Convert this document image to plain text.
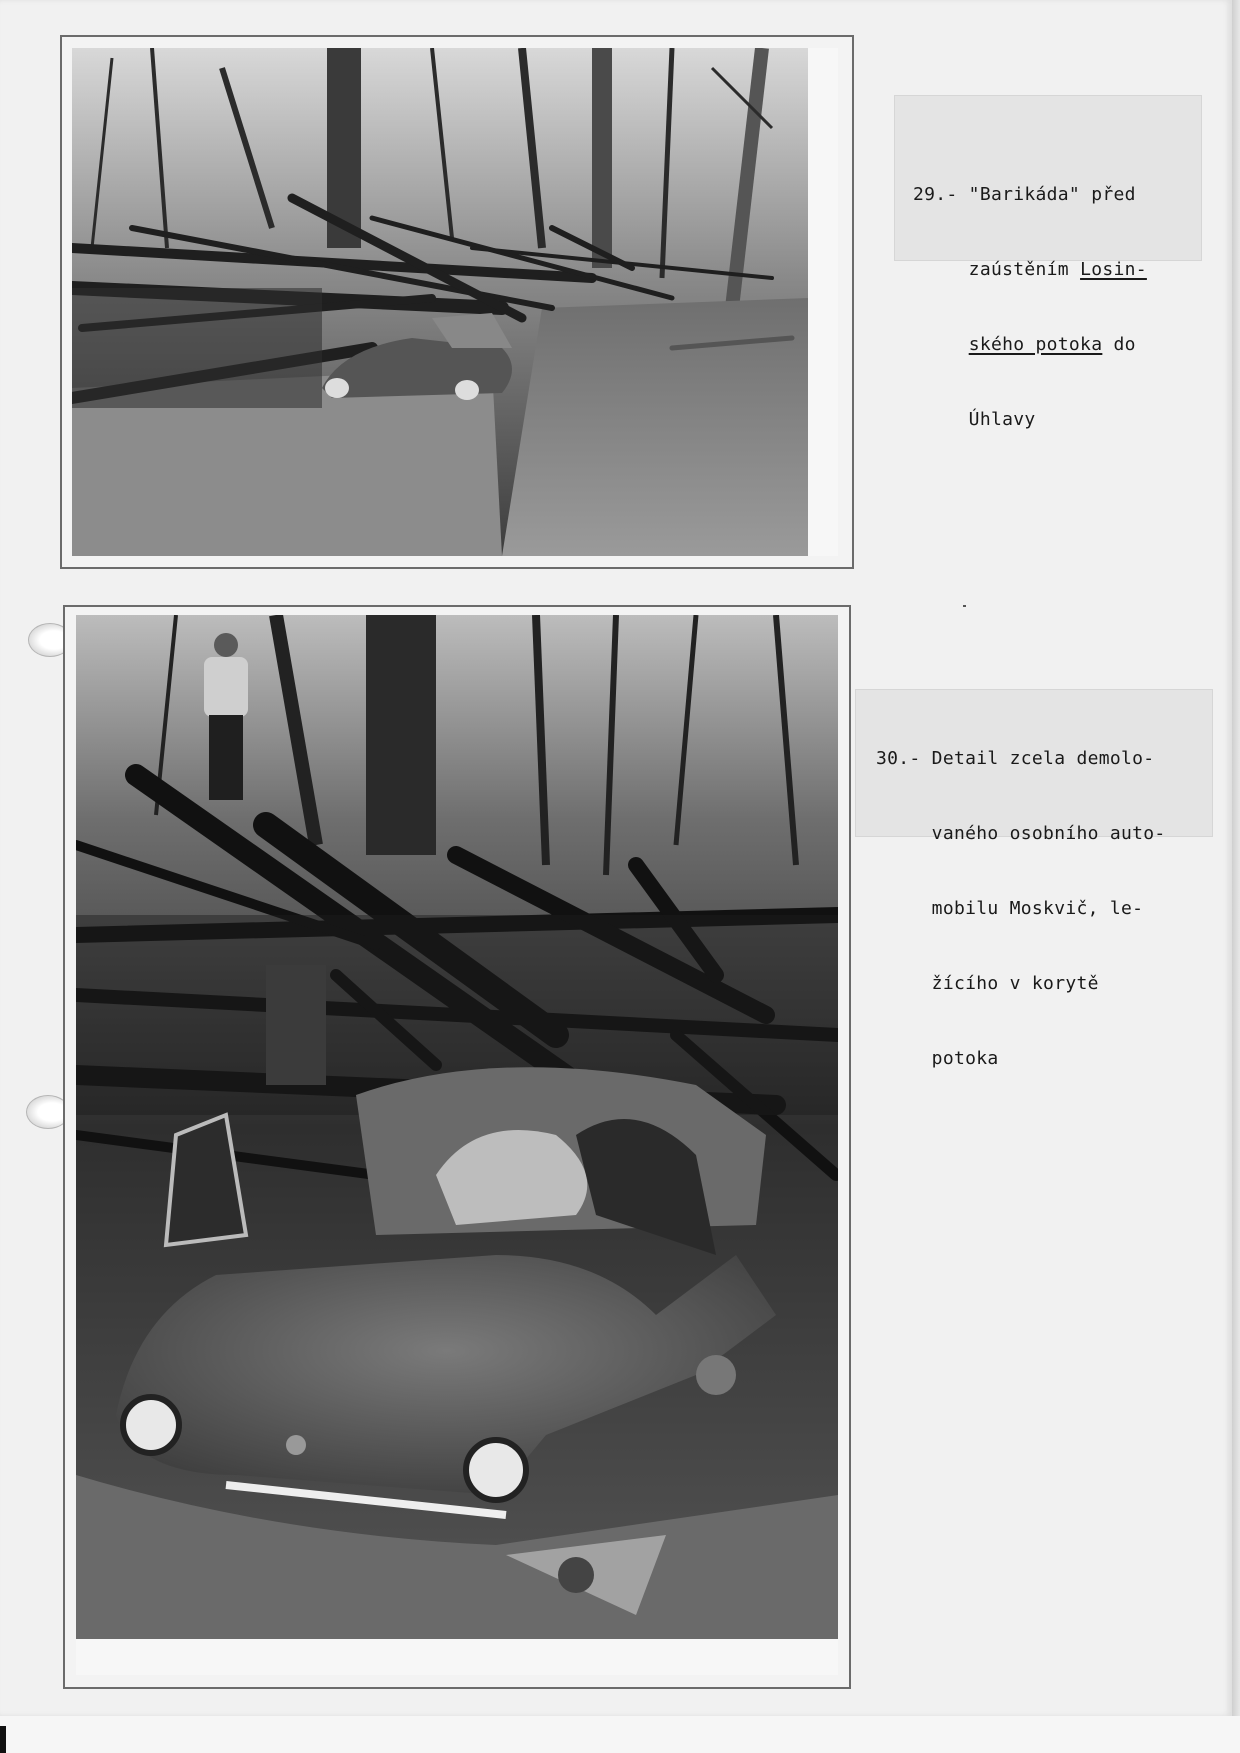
29.- "Barikáda" před

zaústěním Losin-

ského potoka do

Úhlavy

30.- Detail zcela demolo-

vaného osobního auto-

mobilu Moskvič, le-

žícího v korytě

potoka
